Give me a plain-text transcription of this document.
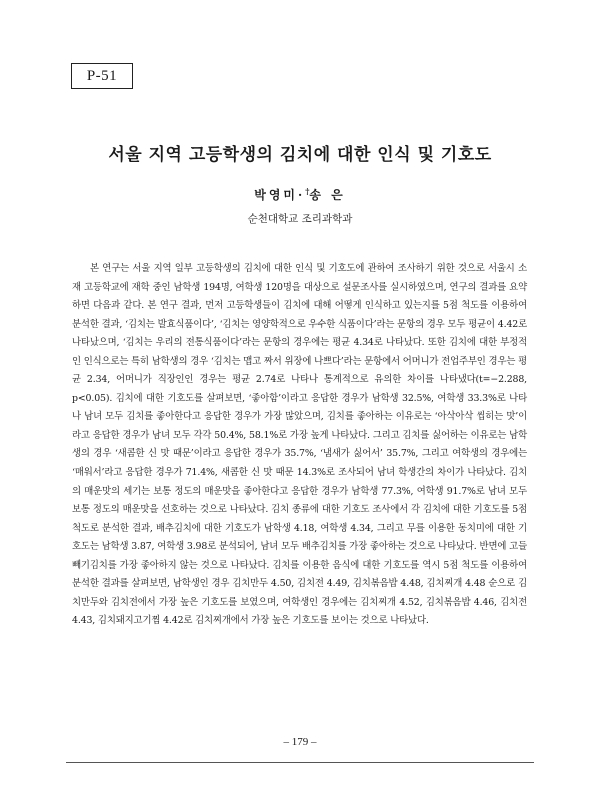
P-51
서울 지역 고등학생의 김치에 대한 인식 및 기호도
박영미·†송 은
순천대학교 조리과학과

본 연구는 서울 지역 일부 고등학생의 김치에 대한 인식 및 기호도에 관하여 조사하기 위한 것으로 서울시 소재 고등학교에 재학 중인 남학생 194명, 여학생 120명을 대상으로 설문조사를 실시하였으며, 연구의 결과를 요약하면 다음과 같다. 본 연구 결과, 먼저 고등학생들이 김치에 대해 어떻게 인식하고 있는지를 5점 척도를 이용하여 분석한 결과, ‘김치는 발효식품이다’, ‘김치는 영양학적으로 우수한 식품이다’라는 문항의 경우 모두 평균이 4.42로 나타났으며, ‘김치는 우리의 전통식품이다’라는 문항의 경우에는 평균 4.34로 나타났다. 또한 김치에 대한 부정적인 인식으로는 특히 남학생의 경우 ‘김치는 맵고 짜서 위장에 나쁘다’라는 문항에서 어머니가 전업주부인 경우는 평균 2.34, 어머니가 직장인인 경우는 평균 2.74로 나타나 통계적으로 유의한 차이를 나타냈다(t=−2.288, p<0.05). 김치에 대한 기호도를 살펴보면, ‘좋아함’이라고 응답한 경우가 남학생 32.5%, 여학생 33.3%로 나타나 남녀 모두 김치를 좋아한다고 응답한 경우가 가장 많았으며, 김치를 좋아하는 이유로는 ‘아삭아삭 씹히는 맛’이라고 응답한 경우가 남녀 모두 각각 50.4%, 58.1%로 가장 높게 나타났다. 그리고 김치를 싫어하는 이유로는 남학생의 경우 ‘새콤한 신 맛 때문’이라고 응답한 경우가 35.7%, ‘냄새가 싫어서’ 35.7%, 그리고 여학생의 경우에는 ‘매워서’라고 응답한 경우가 71.4%, 새콤한 신 맛 때문 14.3%로 조사되어 남녀 학생간의 차이가 나타났다. 김치의 매운맛의 세기는 보통 정도의 매운맛을 좋아한다고 응답한 경우가 남학생 77.3%, 여학생 91.7%로 남녀 모두 보통 정도의 매운맛을 선호하는 것으로 나타났다. 김치 종류에 대한 기호도 조사에서 각 김치에 대한 기호도를 5점 척도로 분석한 결과, 배추김치에 대한 기호도가 남학생 4.18, 여학생 4.34, 그리고 무를 이용한 동치미에 대한 기호도는 남학생 3.87, 여학생 3.98로 분석되어, 남녀 모두 배추김치를 가장 좋아하는 것으로 나타났다. 반면에 고들빼기김치를 가장 좋아하지 않는 것으로 나타났다. 김치를 이용한 음식에 대한 기호도를 역시 5점 척도를 이용하여 분석한 결과를 살펴보면, 남학생인 경우 김치만두 4.50, 김치전 4.49, 김치볶음밥 4.48, 김치찌개 4.48 순으로 김치만두와 김치전에서 가장 높은 기호도를 보였으며, 여학생인 경우에는 김치찌개 4.52, 김치볶음밥 4.46, 김치전 4.43, 김치돼지고기찜 4.42로 김치찌개에서 가장 높은 기호도를 보이는 것으로 나타났다.

– 179 –
